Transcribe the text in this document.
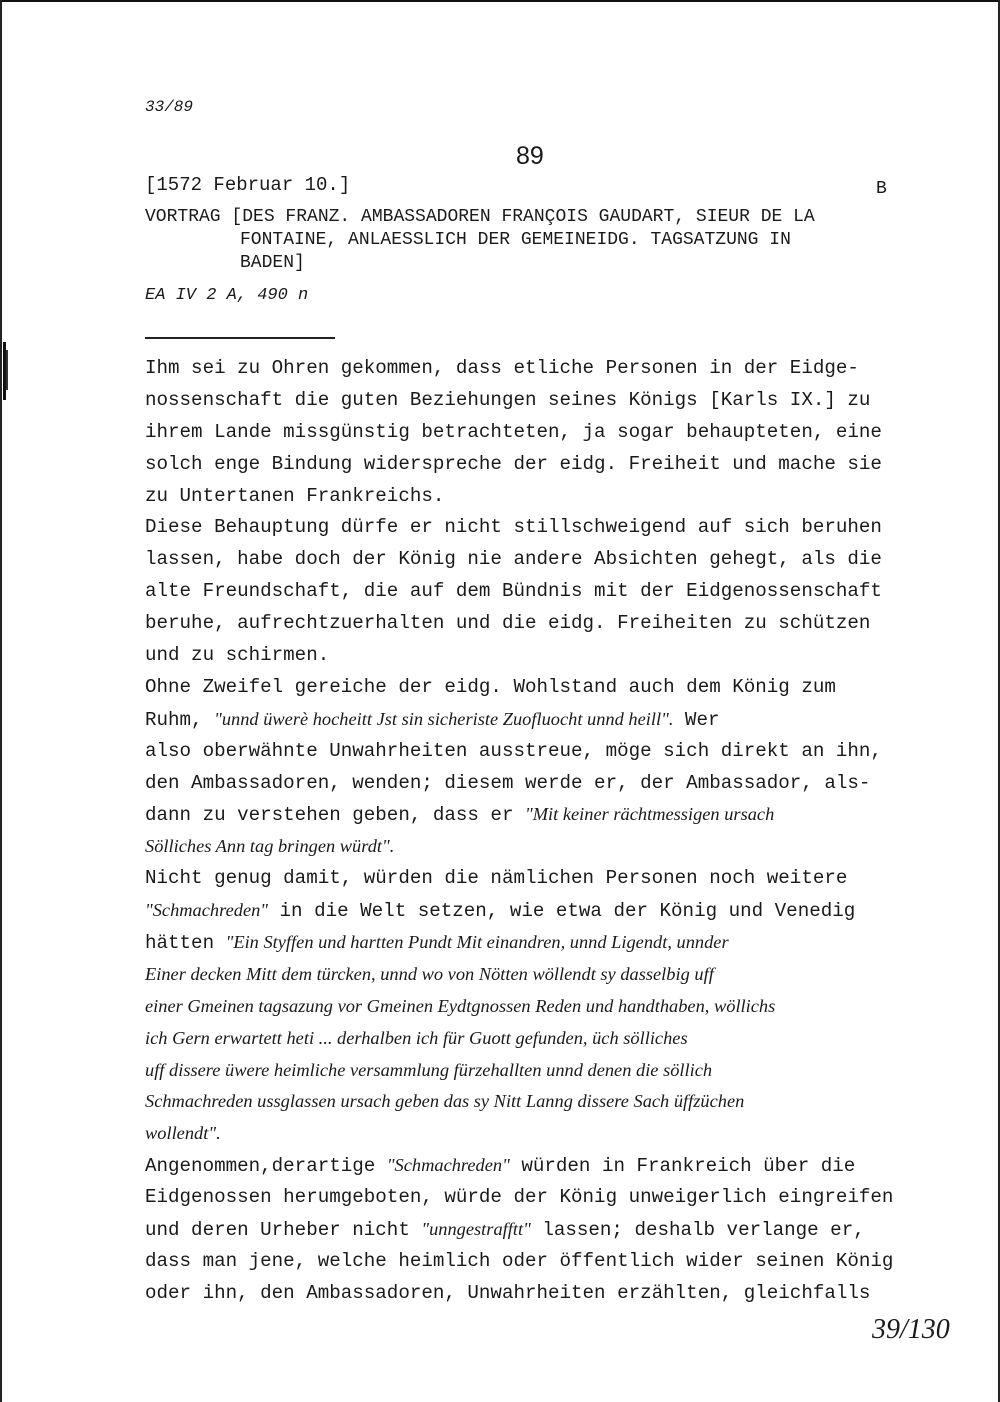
33/89
89
[1572 Februar 10.]	B
VORTRAG [DES FRANZ. AMBASSADOREN FRANÇOIS GAUDART, SIEUR DE LA
FONTAINE, ANLAESSLICH DER GEMEINEIDG. TAGSATZUNG IN
BADEN]
EA IV 2 A, 490 n
Ihm sei zu Ohren gekommen, dass etliche Personen in der Eidge-
nossenschaft die guten Beziehungen seines Königs [Karls IX.] zu
ihrem Lande missgünstig betrachteten, ja sogar behaupteten, eine
solch enge Bindung widerspreche der eidg. Freiheit und mache sie
zu Untertanen Frankreichs.
Diese Behauptung dürfe er nicht stillschweigend auf sich beruhen
lassen, habe doch der König nie andere Absichten gehegt, als die
alte Freundschaft, die auf dem Bündnis mit der Eidgenossenschaft
beruhe, aufrechtzuerhalten und die eidg. Freiheiten zu schützen
und zu schirmen.
Ohne Zweifel gereiche der eidg. Wohlstand auch dem König zum
Ruhm, "unnd üwerè hocheitt Jst sin sicheriste Zuofluocht unnd heill". Wer
also oberwähnte Unwahrheiten ausstreue, möge sich direkt an ihn,
den Ambassadoren, wenden; diesem werde er, der Ambassador, als-
dann zu verstehen geben, dass er "Mit keiner rächtmessigen ursach
Sölliches Ann tag bringen würdt".
Nicht genug damit, würden die nämlichen Personen noch weitere
"Schmachreden" in die Welt setzen, wie etwa der König und Venedig
hätten "Ein Styffen und hartten Pundt Mit einandren, unnd Ligendt, unnder
Einer decken Mitt dem türcken, unnd wo von Nötten wöllendt sy dasselbig uff
einer Gmeinen tagsazung vor Gmeinen Eydtgnossen Reden und handthaben, wöllichs
ich Gern erwartett heti ... derhalben ich für Guott gefunden, üch sölliches
uff dissere üwere heimliche versammlung fürzehallten unnd denen die söllich
Schmachreden ussglassen ursach geben das sy Nitt Lanng dissere Sach üffzüchen
wollendt".
Angenommen,derartige "Schmachreden" würden in Frankreich über die
Eidgenossen herumgeboten, würde der König unweigerlich eingreifen
und deren Urheber nicht "unngestrafftt" lassen; deshalb verlange er,
dass man jene, welche heimlich oder öffentlich wider seinen König
oder ihn, den Ambassadoren, Unwahrheiten erzählten, gleichfalls
39/130
